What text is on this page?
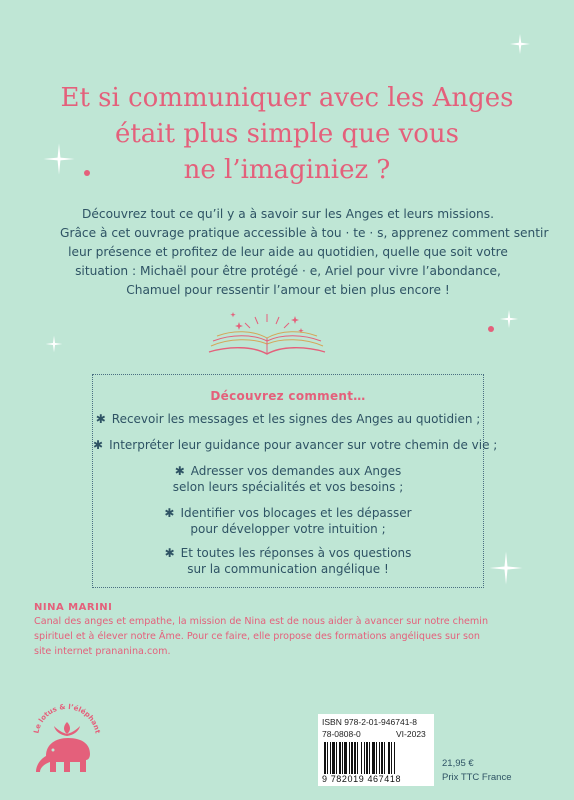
Et si communiquer avec les Anges
était plus simple que vous
ne l’imaginiez ?
Découvrez tout ce qu’il y a à savoir sur les Anges et leurs missions.
Grâce à cet ouvrage pratique accessible à tou · te · s, apprenez comment sentir
leur présence et profitez de leur aide au quotidien, quelle que soit votre
situation : Michaël pour être protégé · e, Ariel pour vivre l’abondance,
Chamuel pour ressentir l’amour et bien plus encore !
Découvrez comment…
✱ Recevoir les messages et les signes des Anges au quotidien ;
✱ Interpréter leur guidance pour avancer sur votre chemin de vie ;
✱ Adresser vos demandes aux Anges
selon leurs spécialités et vos besoins ;
✱ Identifier vos blocages et les dépasser
pour développer votre intuition ;
✱ Et toutes les réponses à vos questions
sur la communication angélique !
NINA MARINI
Canal des anges et empathe, la mission de Nina est de nous aider à avancer sur notre chemin
spirituel et à élever notre Âme. Pour ce faire, elle propose des formations angéliques sur son
site internet prananina.com.
Le lotus & l’éléphant
ISBN 978-2-01-946741-8
78-0808-0	VI-2023
9 782019 467418
21,95 €
Prix TTC France
